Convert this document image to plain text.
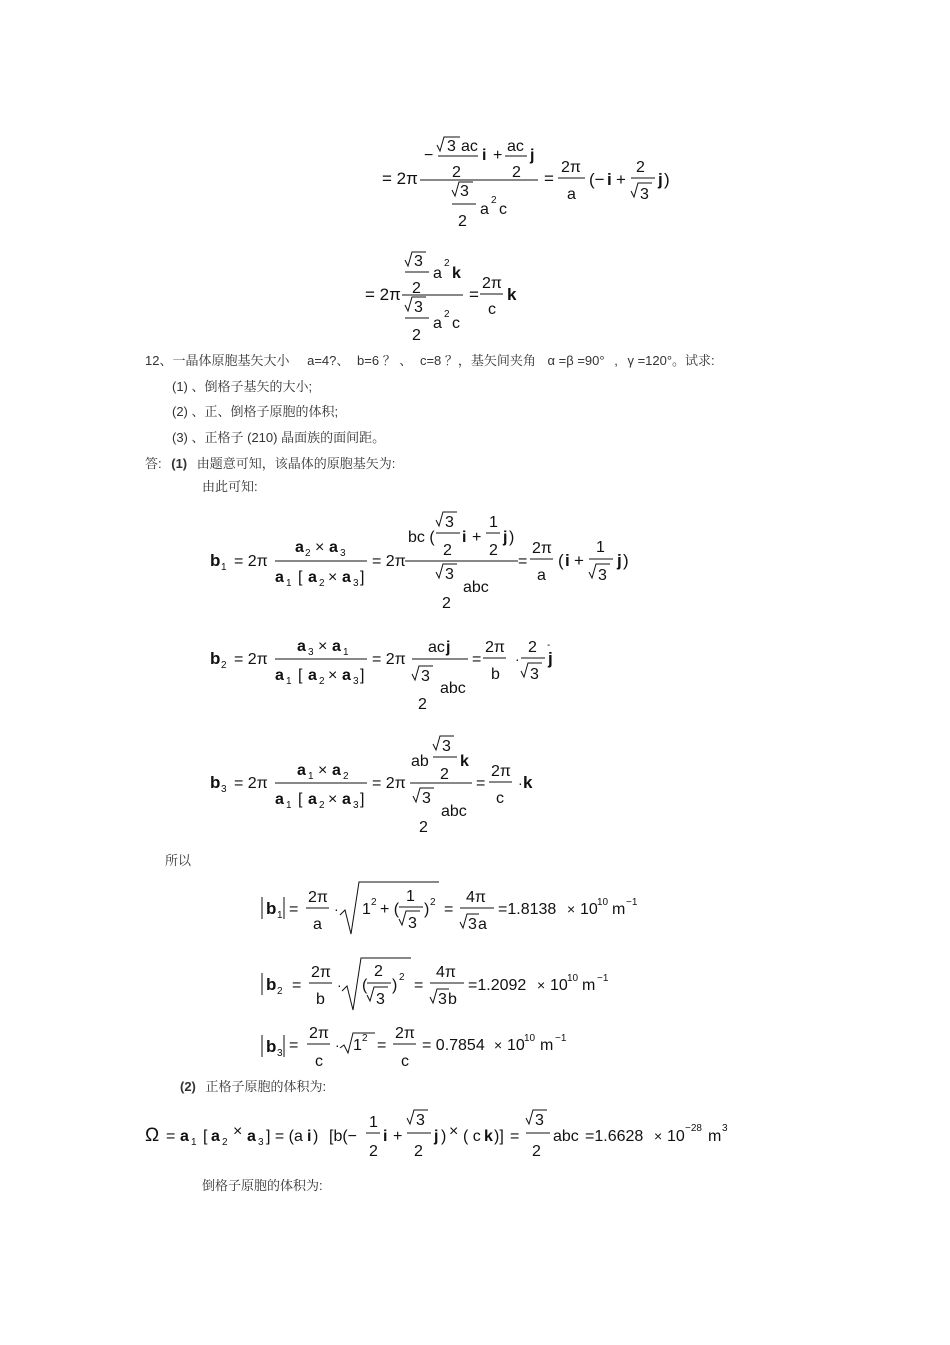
= 2π
−
3 ac
2
i +
ac
2
j
3
2
a
2
c
=
2π
a
(− i +
2
3
j )
= 2π
3
2
a
2
k
3
2
a
2
c
=
2π
c
k
12、一晶体原胞基矢大小 a=4?、 b=6 ？ 、 c=8 ？，基矢间夹角 α =β =90° , γ =120°。试求:
(1) 、倒格子基矢的大小;
(2) 、正、倒格子原胞的体积;
(3) 、正格子 (210) 晶面族的面间距。
答: (1) 由题意可知，该晶体的原胞基矢为:
由此可知:
b 1 = 2π
a 2 × a 3
a 1 [ a 2 × a 3 ]
= 2π
bc (
3
2
i +
1
2
j )
3
abc
2
=
2π
a
( i +
1
3
j )
b 2 = 2π
a 3 × a 1
a 1 [ a 2 × a 3 ]
= 2π
ac j
3
abc
2
=
2π
b
·
2
3
j
-
b 3 = 2π
a 1 × a 2
a 1 [ a 2 × a 3 ]
= 2π
ab
3
2
k
3
abc
2
=
2π
c
· k
所以
b 1 =
2π
a
· 1 2 + (
1
3
) 2 =
4π
3 a
=1.8138 × 10 10 m −1
b 2 =
2π
b
· (
2
3
) 2 =
4π
3 b
=1.2092 × 10 10 m −1
b 3 =
2π
c
· 1 2 =
2π
c
= 0.7854 × 10 10 m −1
(2) 正格子原胞的体积为:
Ω = a 1 [ a 2
× a 3 ] = (a i ) [b(−
1
2
i +
3
2
j ) × ( c k )] =
3
2
abc =1.6628 × 10 −28 m 3
倒格子原胞的体积为:
